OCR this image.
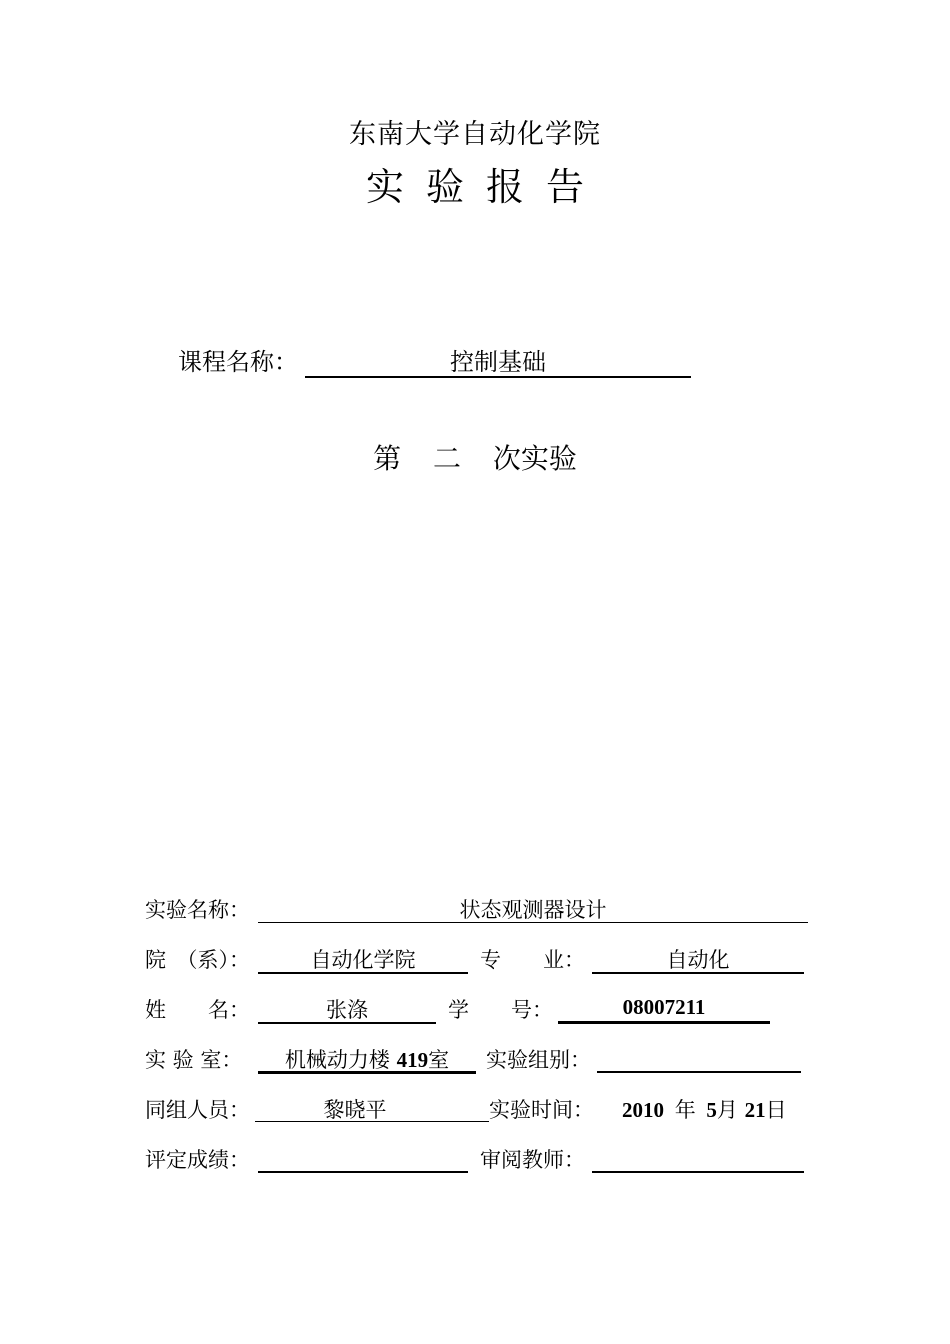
东南大学自动化学院
实验报告
课程名称：	控制基础
第 二 次实验
实验名称：	状态观测器设计
院　（系）：	自动化学院	专　　业：	自动化
姓　　名：	张涤	学　　号：	08007211
实 验 室：	机械动力楼 419室	实验组别：
同组人员：	黎晓平	实验时间： 2010 年 5月 21日
评定成绩：	审阅教师：
